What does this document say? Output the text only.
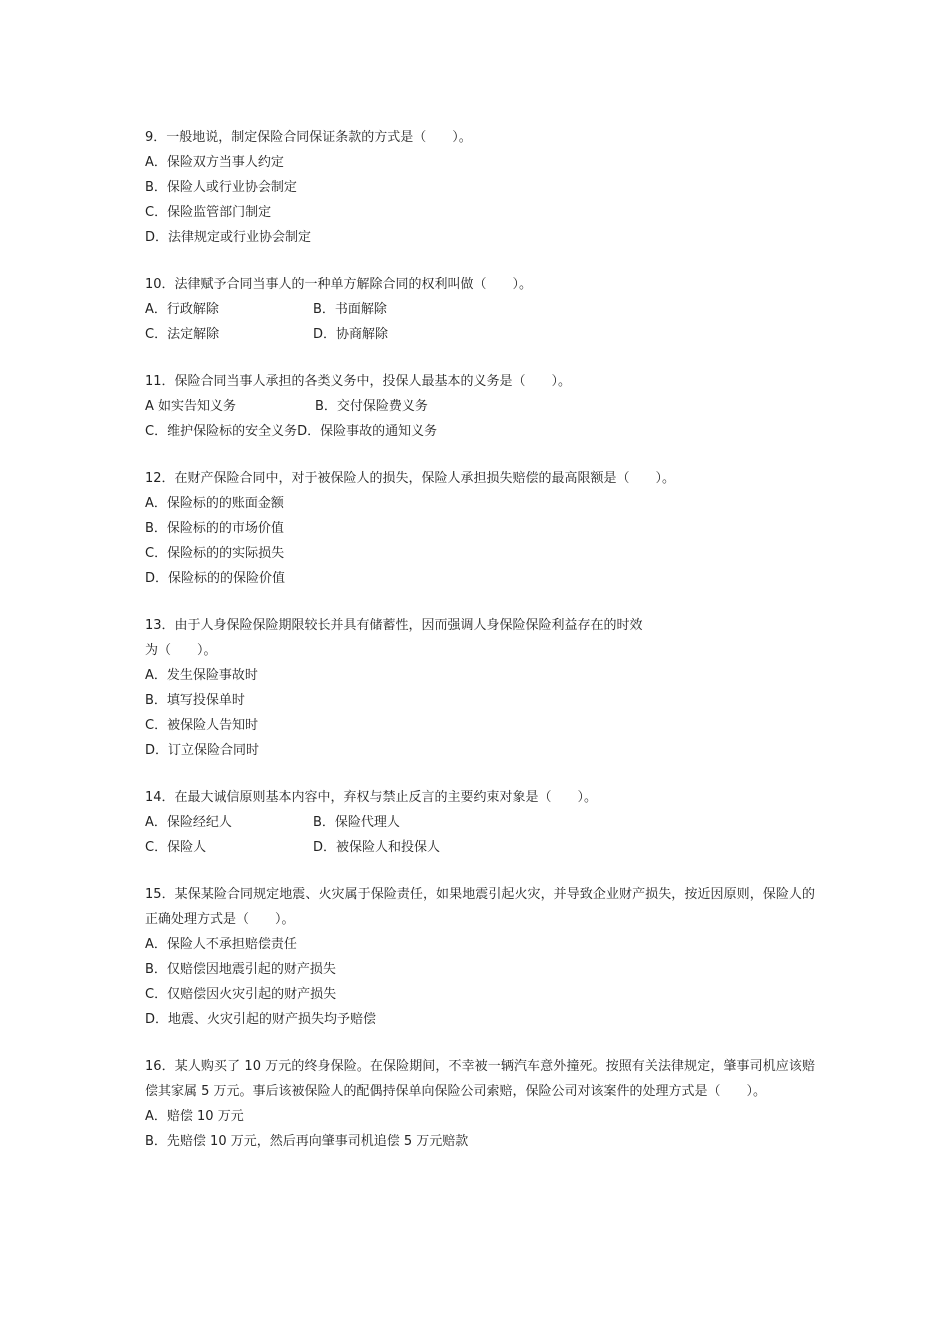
9．一般地说，制定保险合同保证条款的方式是（　　）。
A．保险双方当事人约定
B．保险人或行业协会制定
C．保险监管部门制定
D．法律规定或行业协会制定
10．法律赋予合同当事人的一种单方解除合同的权利叫做（　　）。
A．行政解除	B．书面解除
C．法定解除	D．协商解除
11．保险合同当事人承担的各类义务中，投保人最基本的义务是（　　）。
A 如实告知义务	B．交付保险费义务
C．维护保险标的安全义务 D．保险事故的通知义务
12．在财产保险合同中，对于被保险人的损失，保险人承担损失赔偿的最高限额是（　　）。
A．保险标的的账面金额
B．保险标的的市场价值
C．保险标的的实际损失
D．保险标的的保险价值
13．由于人身保险保险期限较长并具有储蓄性，因而强调人身保险保险利益存在的时效
为（　　）。
A．发生保险事故时
B．填写投保单时
C．被保险人告知时
D．订立保险合同时
14．在最大诚信原则基本内容中，弃权与禁止反言的主要约束对象是（　　）。
A．保险经纪人	B．保险代理人
C．保险人	D．被保险人和投保人
15．某保某险合同规定地震、火灾属于保险责任，如果地震引起火灾，并导致企业财产损失，按近因原则，保险人的正确处理方式是（　　）。
A．保险人不承担赔偿责任
B．仅赔偿因地震引起的财产损失
C．仅赔偿因火灾引起的财产损失
D．地震、火灾引起的财产损失均予赔偿
16．某人购买了 10 万元的终身保险。在保险期间，不幸被一辆汽车意外撞死。按照有关法律规定，肇事司机应该赔偿其家属 5 万元。事后该被保险人的配偶持保单向保险公司索赔，保险公司对该案件的处理方式是（　　）。
A．赔偿 10 万元
B．先赔偿 10 万元，然后再向肇事司机追偿 5 万元赔款
